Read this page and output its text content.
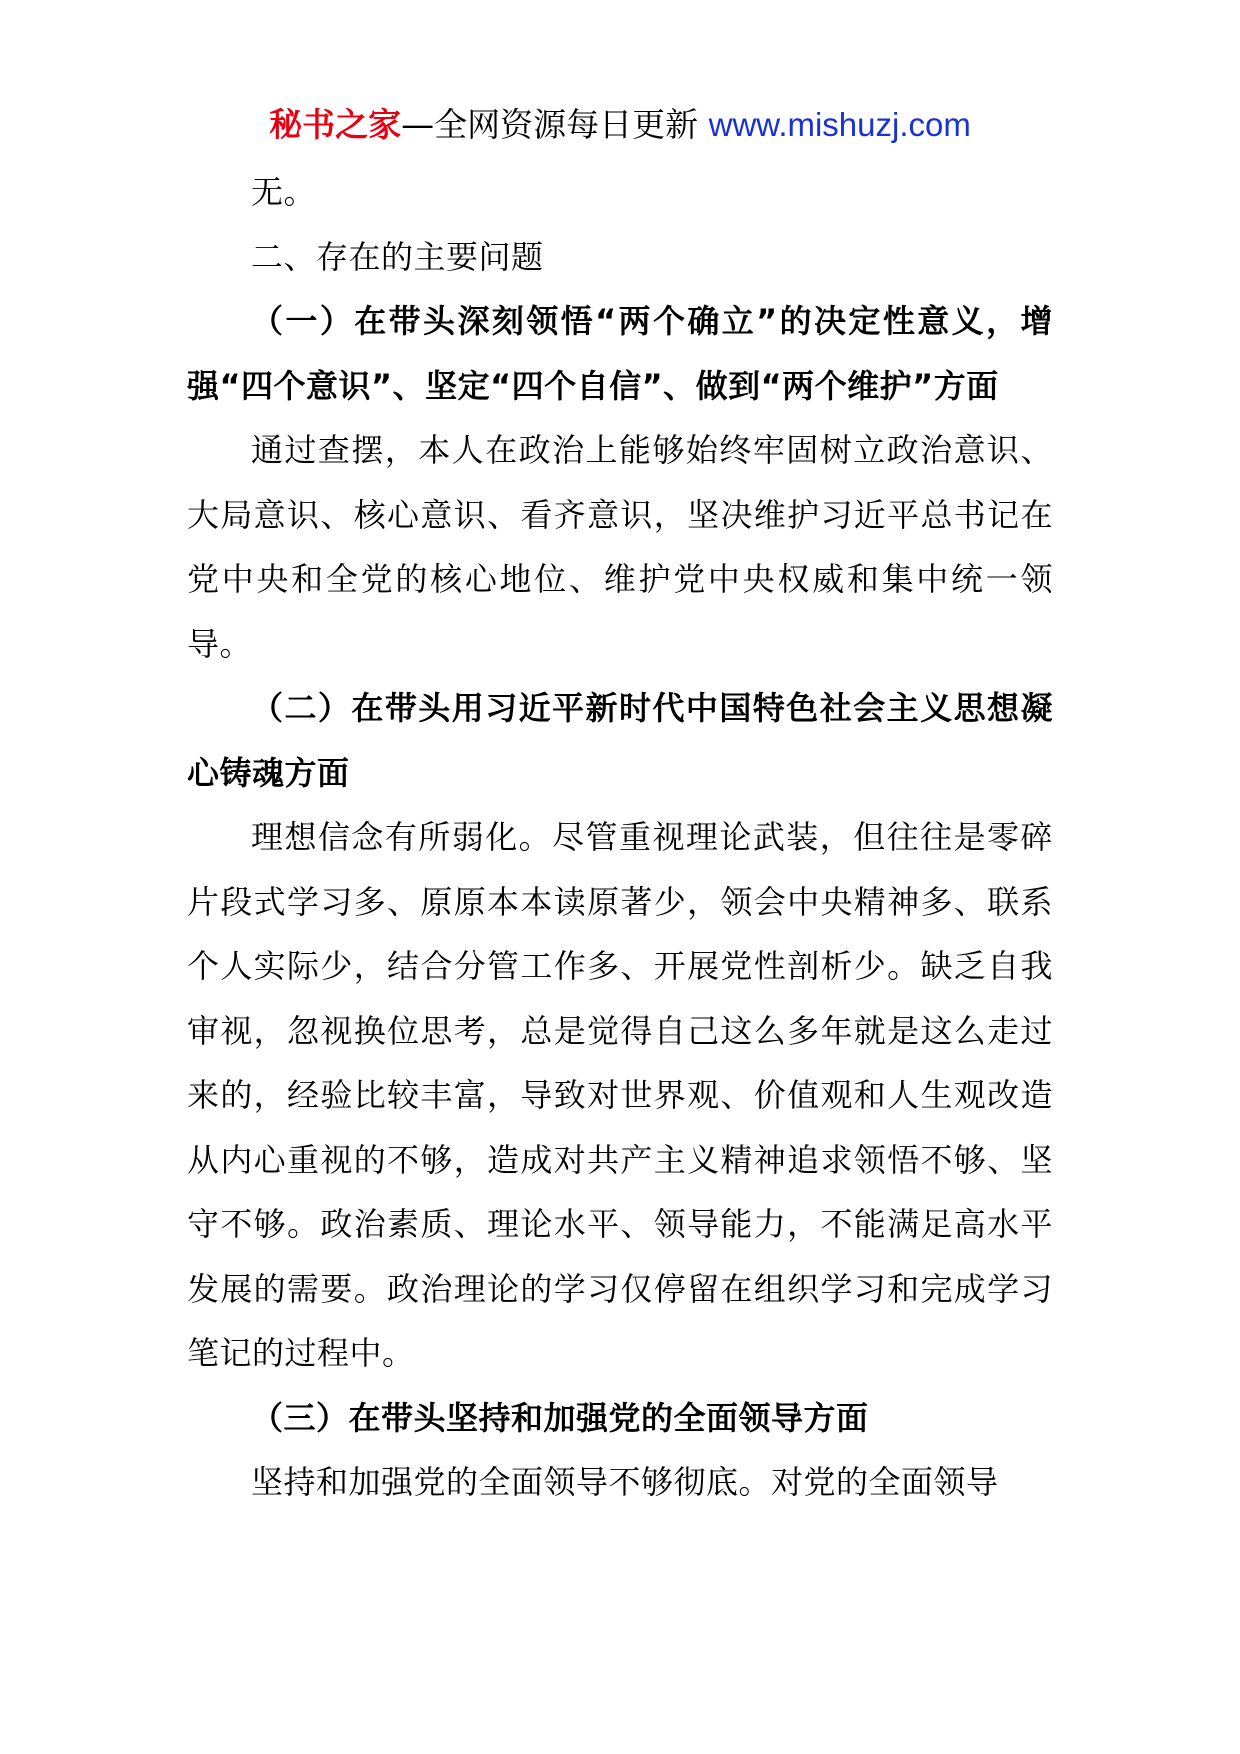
秘书之家—全网资源每日更新 www.mishuzj.com

无。

二、存在的主要问题

（一）在带头深刻领悟“两个确立”的决定性意义，增强“四个意识”、坚定“四个自信”、做到“两个维护”方面

通过查摆，本人在政治上能够始终牢固树立政治意识、大局意识、核心意识、看齐意识，坚决维护习近平总书记在党中央和全党的核心地位、维护党中央权威和集中统一领导。

（二）在带头用习近平新时代中国特色社会主义思想凝心铸魂方面

理想信念有所弱化。尽管重视理论武装，但往往是零碎片段式学习多、原原本本读原著少，领会中央精神多、联系个人实际少，结合分管工作多、开展党性剖析少。缺乏自我审视，忽视换位思考，总是觉得自己这么多年就是这么走过来的，经验比较丰富，导致对世界观、价值观和人生观改造从内心重视的不够，造成对共产主义精神追求领悟不够、坚守不够。政治素质、理论水平、领导能力，不能满足高水平发展的需要。政治理论的学习仅停留在组织学习和完成学习笔记的过程中。

（三）在带头坚持和加强党的全面领导方面

坚持和加强党的全面领导不够彻底。对党的全面领导
